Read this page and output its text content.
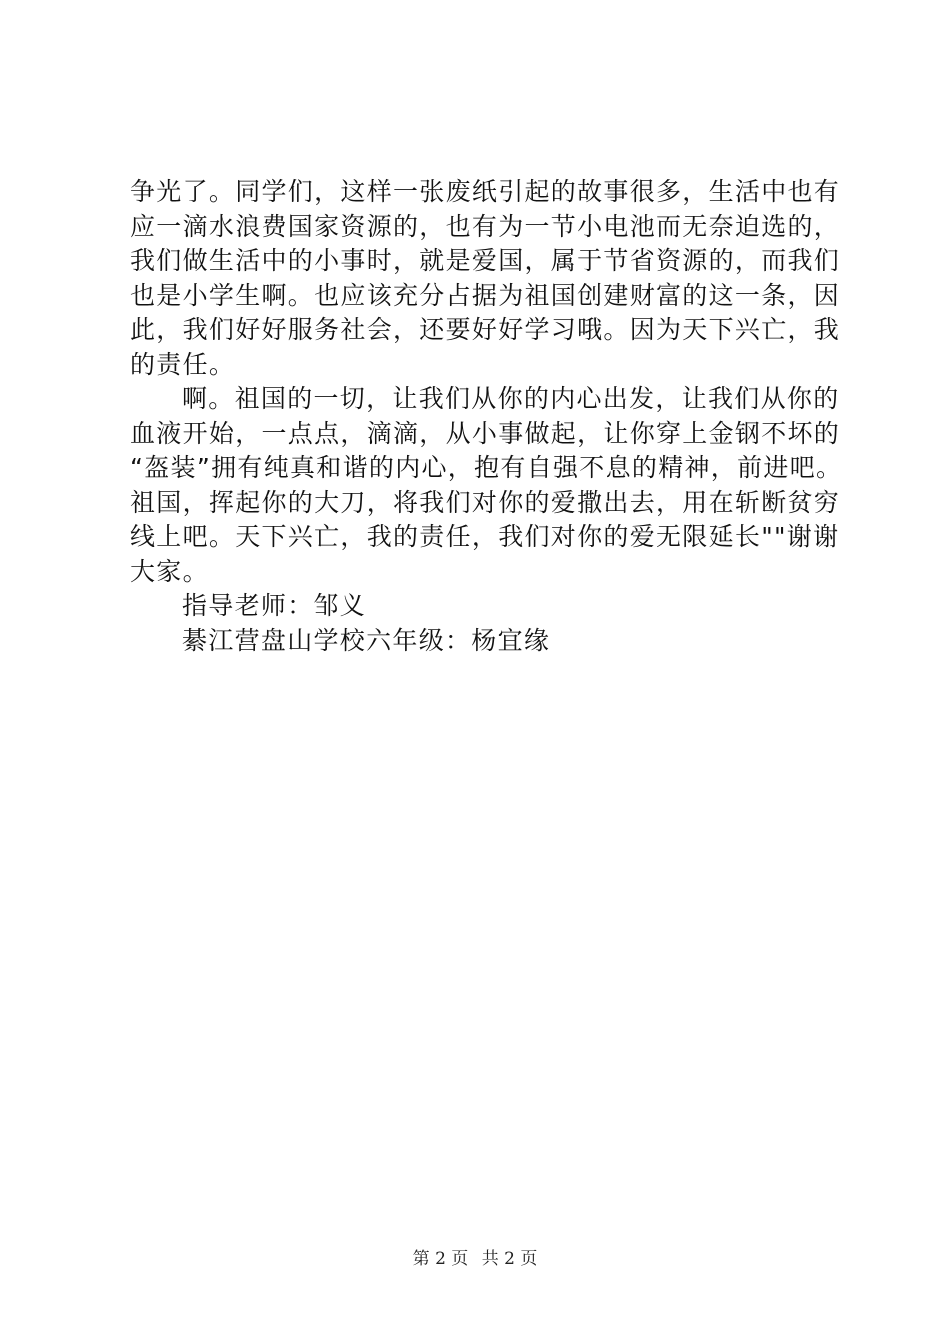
争光了。同学们，这样一张废纸引起的故事很多，生活中也有
应一滴水浪费国家资源的，也有为一节小电池而无奈迫选的，
我们做生活中的小事时，就是爱国，属于节省资源的，而我们
也是小学生啊。也应该充分占据为祖国创建财富的这一条，因
此，我们好好服务社会，还要好好学习哦。因为天下兴亡，我
的责任。
啊。祖国的一切，让我们从你的内心出发，让我们从你的
血液开始，一点点，滴滴，从小事做起，让你穿上金钢不坏的
“盔装”拥有纯真和谐的内心，抱有自强不息的精神，前进吧。
祖国，挥起你的大刀，将我们对你的爱撒出去，用在斩断贫穷
线上吧。天下兴亡，我的责任，我们对你的爱无限延长""谢谢
大家。
指导老师：邹义
綦江营盘山学校六年级：杨宜缘
第 2 页 共 2 页
